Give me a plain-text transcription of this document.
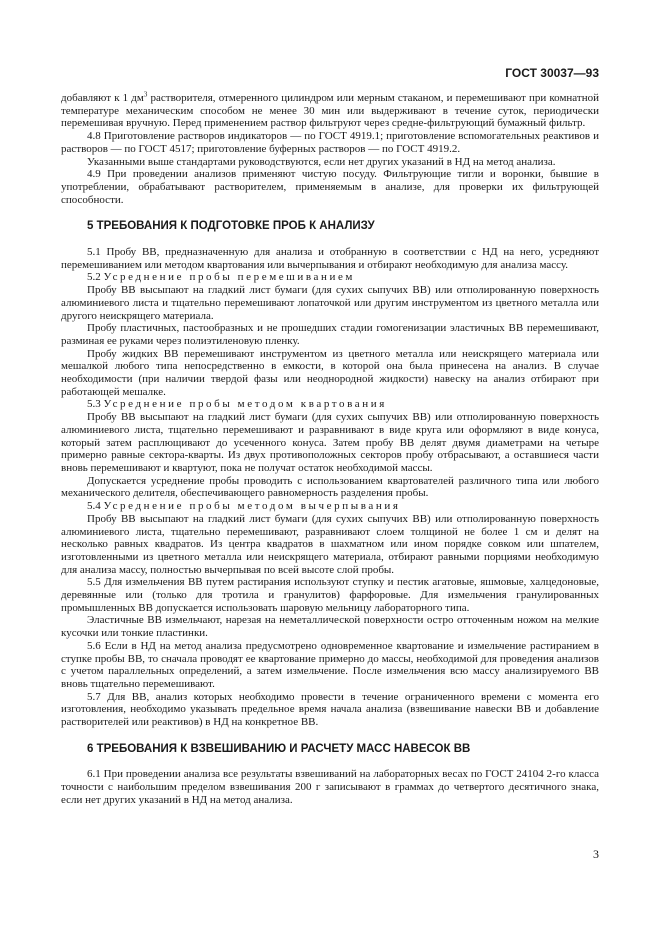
ГОСТ 30037—93

добавляют к 1 $дм^3$ растворителя, отмеренного цилиндром или мерным стаканом, и перемешивают при комнатной температуре механическим способом не менее 30 мин или выдерживают в течение суток, периодически перемешивая вручную. Перед применением раствор фильтруют через средне-фильтрующий бумажный фильтр.

4.8 Приготовление растворов индикаторов — по ГОСТ 4919.1; приготовление вспомогательных реактивов и растворов — по ГОСТ 4517; приготовление буферных растворов — по ГОСТ 4919.2.

Указанными выше стандартами руководствуются, если нет других указаний в НД на метод анализа.

4.9 При проведении анализов применяют чистую посуду. Фильтрующие тигли и воронки, бывшие в употреблении, обрабатывают растворителем, применяемым в анализе, для проверки их фильтрующей способности.

5 ТРЕБОВАНИЯ К ПОДГОТОВКЕ ПРОБ К АНАЛИЗУ

5.1 Пробу ВВ, предназначенную для анализа и отобранную в соответствии с НД на него, усредняют перемешиванием или методом квартования или вычерпывания и отбирают необходимую для анализа массу.

5.2 Усреднение пробы перемешиванием

Пробу ВВ высыпают на гладкий лист бумаги (для сухих сыпучих ВВ) или отполированную поверхность алюминиевого листа и тщательно перемешивают лопаточкой или другим инструментом из цветного металла или другого неискрящего материала.

Пробу пластичных, пастообразных и не прошедших стадии гомогенизации эластичных ВВ перемешивают, разминая ее руками через полиэтиленовую пленку.

Пробу жидких ВВ перемешивают инструментом из цветного металла или неискрящего материала или мешалкой любого типа непосредственно в емкости, в которой она была принесена на анализ. В случае необходимости (при наличии твердой фазы или неоднородной жидкости) навеску на анализ отбирают при работающей мешалке.

5.3 Усреднение пробы методом квартования

Пробу ВВ высыпают на гладкий лист бумаги (для сухих сыпучих ВВ) или отполированную поверхность алюминиевого листа, тщательно перемешивают и разравнивают в виде круга или оформляют в виде конуса, который затем расплющивают до усеченного конуса. Затем пробу ВВ делят двумя диаметрами на четыре примерно равные сектора-кварты. Из двух противоположных секторов пробу отбрасывают, а оставшиеся части вновь перемешивают и квартуют, пока не получат остаток необходимой массы.

Допускается усреднение пробы проводить с использованием квартователей различного типа или любого механического делителя, обеспечивающего равномерность разделения пробы.

5.4 Усреднение пробы методом вычерпывания

Пробу ВВ высыпают на гладкий лист бумаги (для сухих сыпучих ВВ) или отполированную поверхность алюминиевого листа, тщательно перемешивают, разравнивают слоем толщиной не более 1 см и делят на несколько равных квадратов. Из центра квадратов в шахматном или ином порядке совком или шпателем, изготовленными из цветного металла или неискрящего материала, отбирают равными порциями необходимую для анализа массу, полностью вычерпывая по всей высоте слой пробы.

5.5 Для измельчения ВВ путем растирания используют ступку и пестик агатовые, яшмовые, халцедоновые, деревянные или (только для тротила и гранулитов) фарфоровые. Для измельчения гранулированных промышленных ВВ допускается использовать шаровую мельницу лабораторного типа.

Эластичные ВВ измельчают, нарезая на неметаллической поверхности остро отточенным ножом на мелкие кусочки или тонкие пластинки.

5.6 Если в НД на метод анализа предусмотрено одновременное квартование и измельчение растиранием в ступке пробы ВВ, то сначала проводят ее квартование примерно до массы, необходимой для проведения анализов с учетом параллельных определений, а затем измельчение. После измельчения всю массу анализируемого ВВ вновь тщательно перемешивают.

5.7 Для ВВ, анализ которых необходимо провести в течение ограниченного времени с момента его изготовления, необходимо указывать предельное время начала анализа (взвешивание навески ВВ и добавление растворителей или реактивов) в НД на конкретное ВВ.

6 ТРЕБОВАНИЯ К ВЗВЕШИВАНИЮ И РАСЧЕТУ МАСС НАВЕСОК ВВ

6.1 При проведении анализа все результаты взвешиваний на лабораторных весах по ГОСТ 24104 2-го класса точности с наибольшим пределом взвешивания 200 г записывают в граммах до четвертого десятичного знака, если нет других указаний в НД на метод анализа.

3
